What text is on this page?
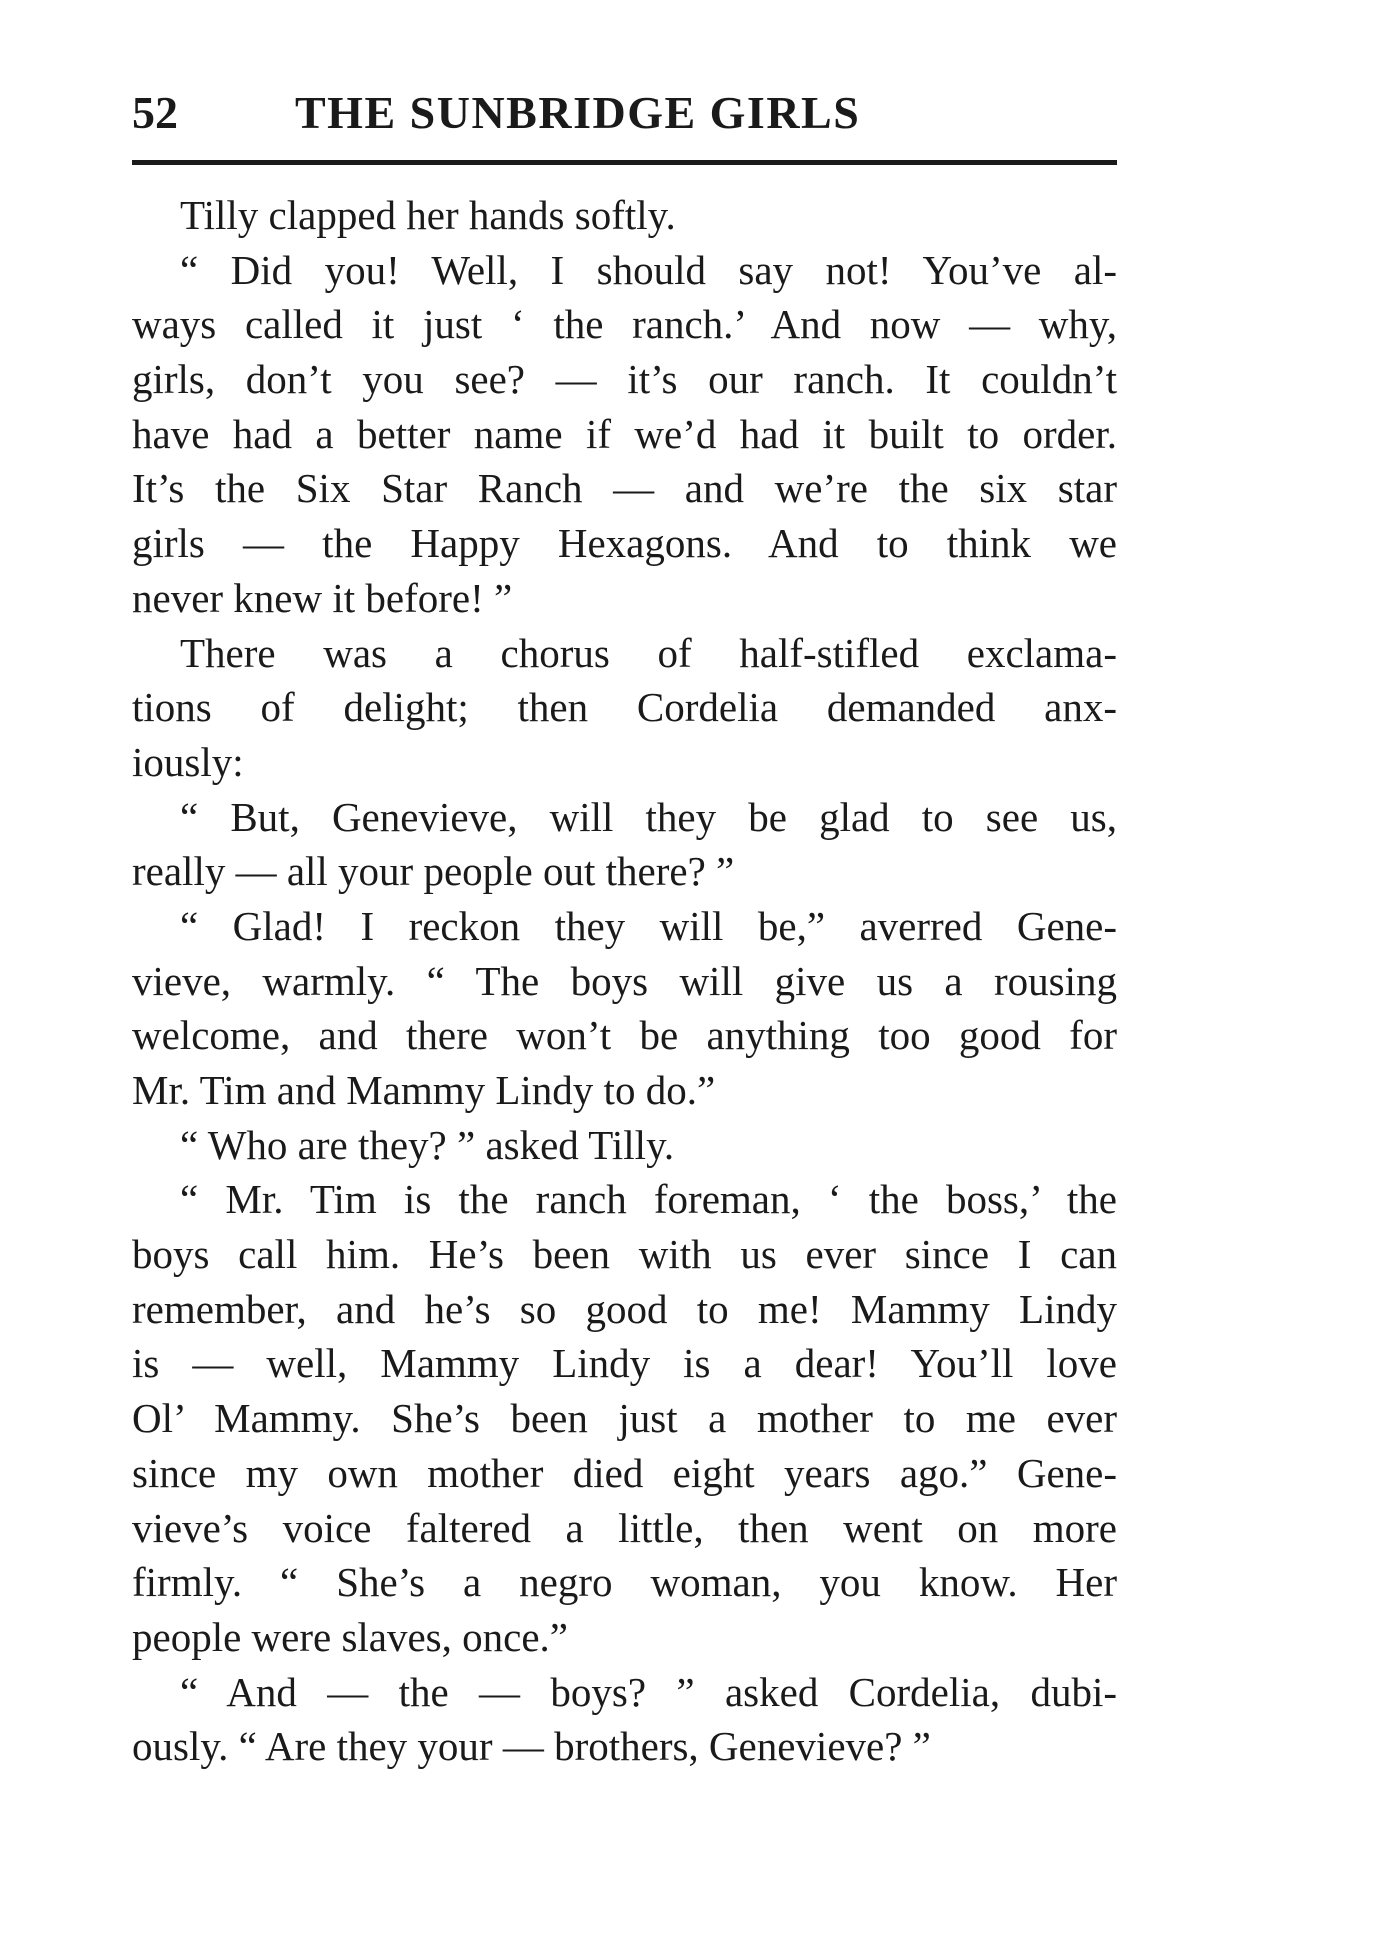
52	THE SUNBRIDGE GIRLS
Tilly clapped her hands softly.
“ Did you! Well, I should say not! You’ve al-
ways called it just ‘ the ranch.’ And now — why,
girls, don’t you see? — it’s our ranch. It couldn’t
have had a better name if we’d had it built to order.
It’s the Six Star Ranch — and we’re the six star
girls — the Happy Hexagons. And to think we
never knew it before! ”
There was a chorus of half-stifled exclama-
tions of delight; then Cordelia demanded anx-
iously:
“ But, Genevieve, will they be glad to see us,
really — all your people out there? ”
“ Glad! I reckon they will be,” averred Gene-
vieve, warmly. “ The boys will give us a rousing
welcome, and there won’t be anything too good for
Mr. Tim and Mammy Lindy to do.”
“ Who are they? ” asked Tilly.
“ Mr. Tim is the ranch foreman, ‘ the boss,’ the
boys call him. He’s been with us ever since I can
remember, and he’s so good to me! Mammy Lindy
is — well, Mammy Lindy is a dear! You’ll love
Ol’ Mammy. She’s been just a mother to me ever
since my own mother died eight years ago.” Gene-
vieve’s voice faltered a little, then went on more
firmly. “ She’s a negro woman, you know. Her
people were slaves, once.”
“ And — the — boys? ” asked Cordelia, dubi-
ously. “ Are they your — brothers, Genevieve? ”
